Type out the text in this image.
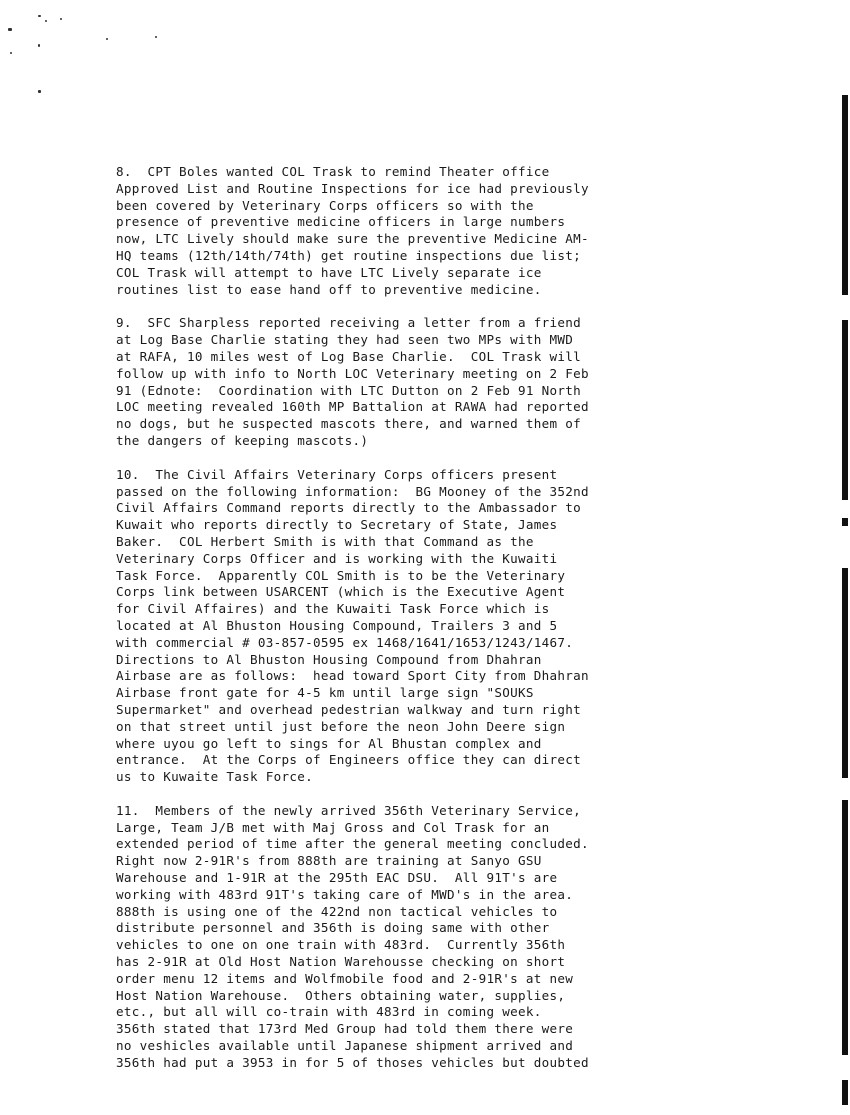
8.  CPT Boles wanted COL Trask to remind Theater office
Approved List and Routine Inspections for ice had previously
been covered by Veterinary Corps officers so with the
presence of preventive medicine officers in large numbers
now, LTC Lively should make sure the preventive Medicine AM-
HQ teams (12th/14th/74th) get routine inspections due list;
COL Trask will attempt to have LTC Lively separate ice
routines list to ease hand off to preventive medicine.
9.  SFC Sharpless reported receiving a letter from a friend
at Log Base Charlie stating they had seen two MPs with MWD
at RAFA, 10 miles west of Log Base Charlie.  COL Trask will
follow up with info to North LOC Veterinary meeting on 2 Feb
91 (Ednote:  Coordination with LTC Dutton on 2 Feb 91 North
LOC meeting revealed 160th MP Battalion at RAWA had reported
no dogs, but he suspected mascots there, and warned them of
the dangers of keeping mascots.)
10.  The Civil Affairs Veterinary Corps officers present
passed on the following information:  BG Mooney of the 352nd
Civil Affairs Command reports directly to the Ambassador to
Kuwait who reports directly to Secretary of State, James
Baker.  COL Herbert Smith is with that Command as the
Veterinary Corps Officer and is working with the Kuwaiti
Task Force.  Apparently COL Smith is to be the Veterinary
Corps link between USARCENT (which is the Executive Agent
for Civil Affaires) and the Kuwaiti Task Force which is
located at Al Bhuston Housing Compound, Trailers 3 and 5
with commercial # 03-857-0595 ex 1468/1641/1653/1243/1467.
Directions to Al Bhuston Housing Compound from Dhahran
Airbase are as follows:  head toward Sport City from Dhahran
Airbase front gate for 4-5 km until large sign "SOUKS
Supermarket" and overhead pedestrian walkway and turn right
on that street until just before the neon John Deere sign
where uyou go left to sings for Al Bhustan complex and
entrance.  At the Corps of Engineers office they can direct
us to Kuwaite Task Force.
11.  Members of the newly arrived 356th Veterinary Service,
Large, Team J/B met with Maj Gross and Col Trask for an
extended period of time after the general meeting concluded.
Right now 2-91R's from 888th are training at Sanyo GSU
Warehouse and 1-91R at the 295th EAC DSU.  All 91T's are
working with 483rd 91T's taking care of MWD's in the area.
888th is using one of the 422nd non tactical vehicles to
distribute personnel and 356th is doing same with other
vehicles to one on one train with 483rd.  Currently 356th
has 2-91R at Old Host Nation Warehousse checking on short
order menu 12 items and Wolfmobile food and 2-91R's at new
Host Nation Warehouse.  Others obtaining water, supplies,
etc., but all will co-train with 483rd in coming week.
356th stated that 173rd Med Group had told them there were
no veshicles available until Japanese shipment arrived and
356th had put a 3953 in for 5 of thoses vehicles but doubted
